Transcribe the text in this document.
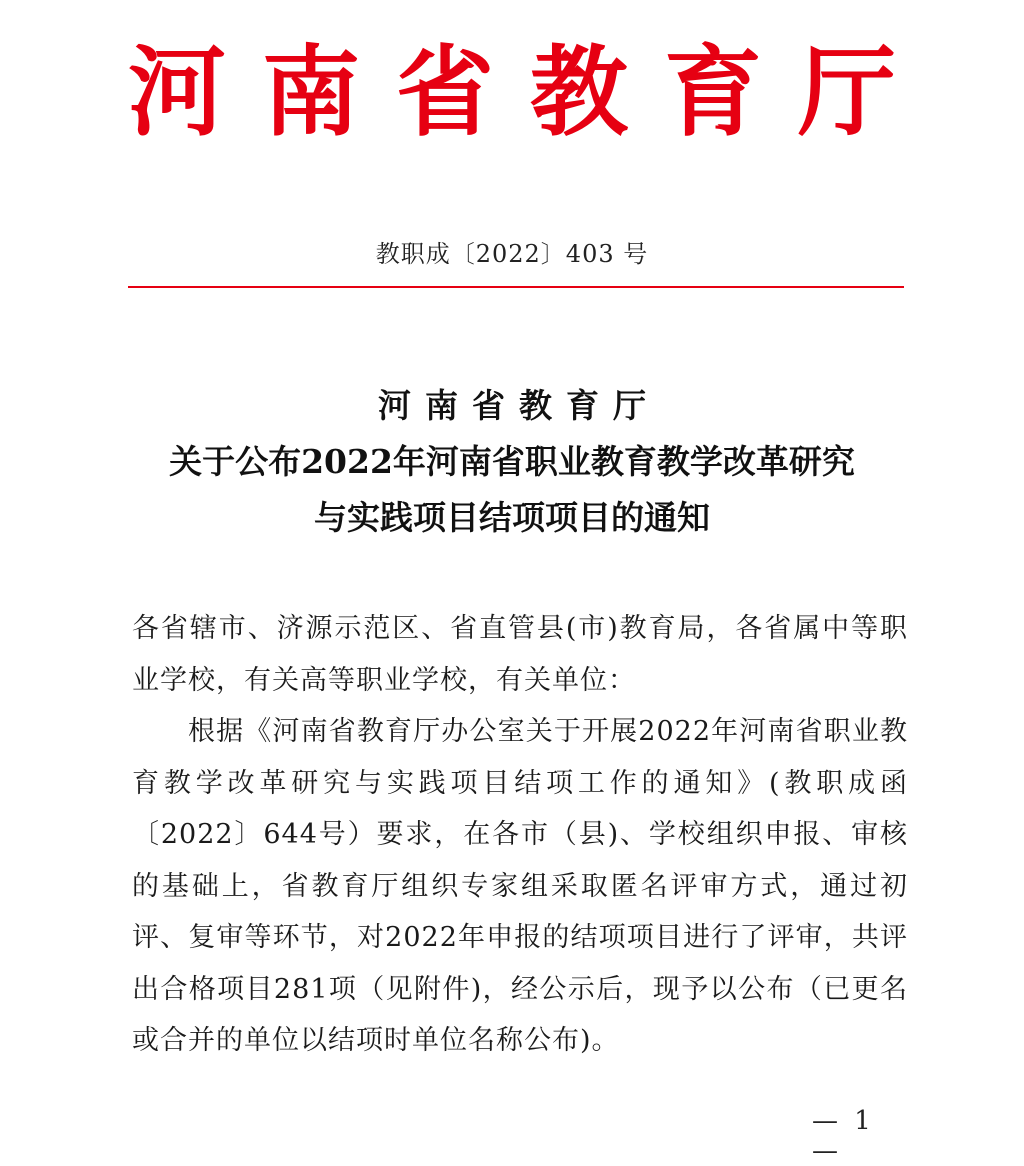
河南省教育厅
教职成〔2022〕403 号
河南省教育厅
关于公布2022年河南省职业教育教学改革研究
与实践项目结项项目的通知

各省辖市、济源示范区、省直管县(市)教育局，各省属中等职业学校，有关高等职业学校，有关单位：

根据《河南省教育厅办公室关于开展2022年河南省职业教育教学改革研究与实践项目结项工作的通知》(教职成函〔2022〕644号）要求，在各市（县)、学校组织申报、审核的基础上，省教育厅组织专家组采取匿名评审方式，通过初评、复审等环节，对2022年申报的结项项目进行了评审，共评出合格项目281项（见附件)，经公示后，现予以公布（已更名或合并的单位以结项时单位名称公布)。

— 1 —
